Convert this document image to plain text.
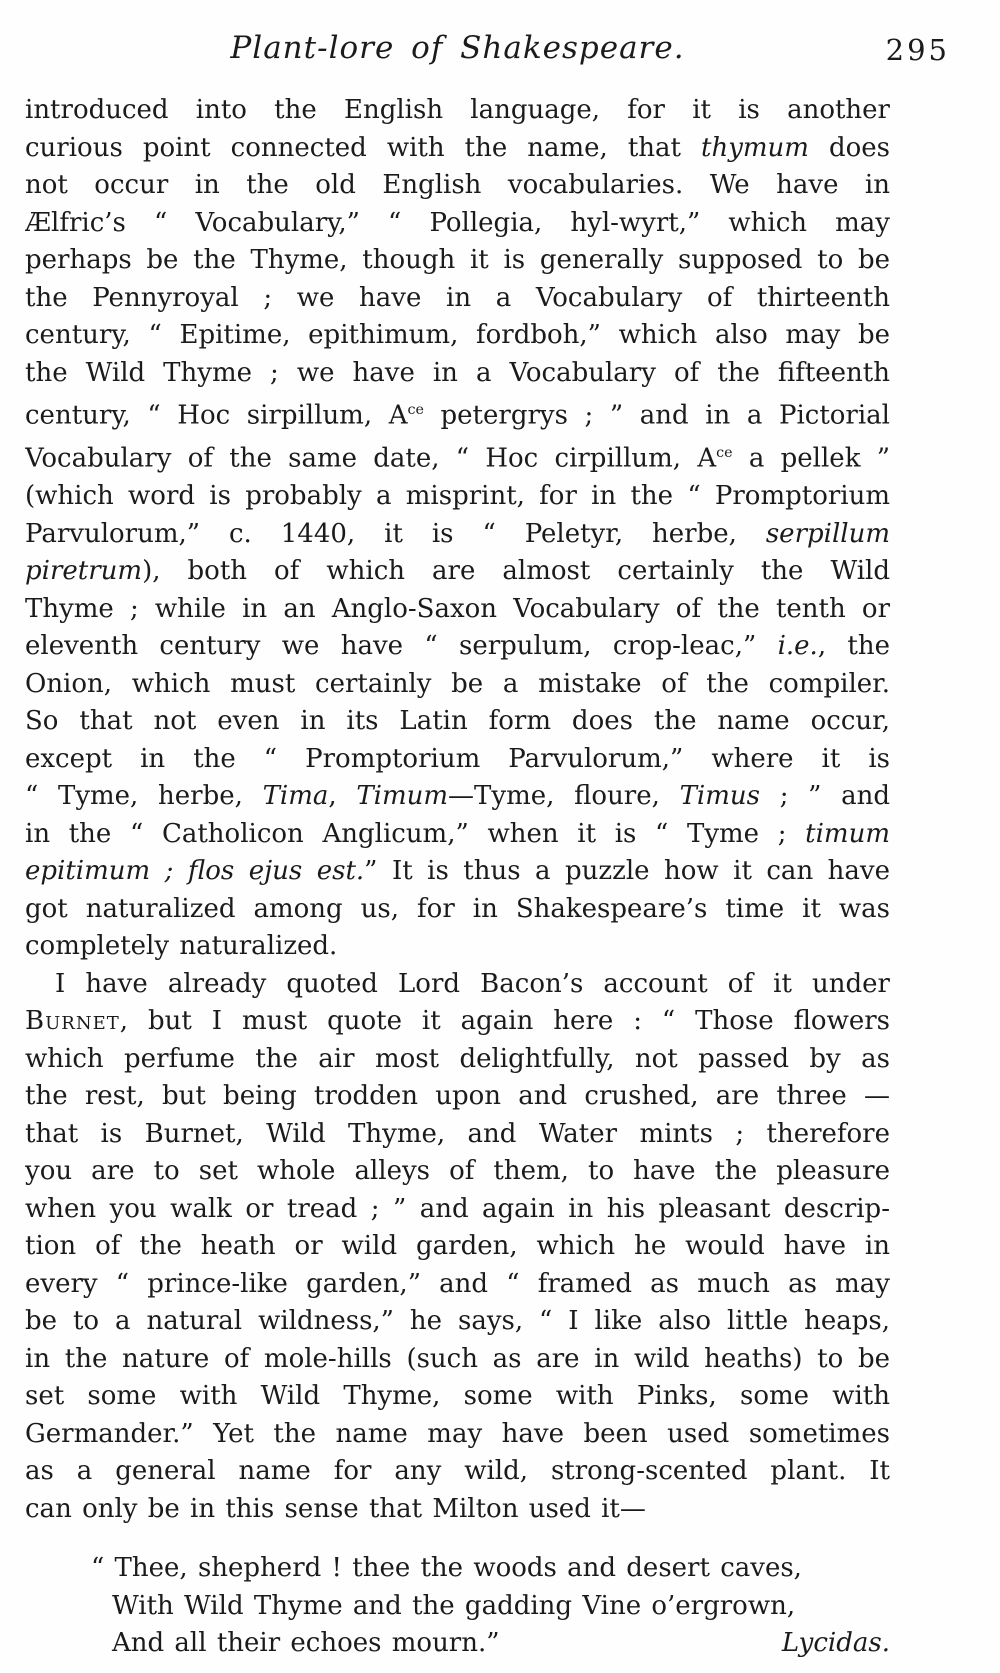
Plant-lore of Shakespeare.	295
introduced into the English language, for it is another
curious point connected with the name, that thymum does
not occur in the old English vocabularies. We have in
Ælfric’s “ Vocabulary,” “ Pollegia, hyl-wyrt,” which may
perhaps be the Thyme, though it is generally supposed to be
the Pennyroyal ; we have in a Vocabulary of thirteenth
century, “ Epitime, epithimum, fordboh,” which also may be
the Wild Thyme ; we have in a Vocabulary of the fifteenth
century, “ Hoc sirpillum, $A^{ce}$ petergrys ; ” and in a Pictorial
Vocabulary of the same date, “ Hoc cirpillum, $A^{ce}$ a pellek ”
(which word is probably a misprint, for in the “ Promptorium
Parvulorum,” c. 1440, it is “ Peletyr, herbe, serpillum
piretrum), both of which are almost certainly the Wild
Thyme ; while in an Anglo-Saxon Vocabulary of the tenth or
eleventh century we have “ serpulum, crop-leac,” i.e., the
Onion, which must certainly be a mistake of the compiler.
So that not even in its Latin form does the name occur,
except in the “ Promptorium Parvulorum,” where it is
“ Tyme, herbe, Tima, Timum—Tyme, floure, Timus ; ” and
in the “ Catholicon Anglicum,” when it is “ Tyme ; timum
epitimum ; flos ejus est.” It is thus a puzzle how it can have
got naturalized among us, for in Shakespeare’s time it was
completely naturalized.
I have already quoted Lord Bacon’s account of it under
Burnet, but I must quote it again here : “ Those flowers
which perfume the air most delightfully, not passed by as
the rest, but being trodden upon and crushed, are three —
that is Burnet, Wild Thyme, and Water mints ; therefore
you are to set whole alleys of them, to have the pleasure
when you walk or tread ; ” and again in his pleasant descrip-
tion of the heath or wild garden, which he would have in
every “ prince-like garden,” and “ framed as much as may
be to a natural wildness,” he says, “ I like also little heaps,
in the nature of mole-hills (such as are in wild heaths) to be
set some with Wild Thyme, some with Pinks, some with
Germander.” Yet the name may have been used sometimes
as a general name for any wild, strong-scented plant. It
can only be in this sense that Milton used it—
“ Thee, shepherd ! thee the woods and desert caves,
With Wild Thyme and the gadding Vine o’ergrown,
And all their echoes mourn.”	Lycidas.
